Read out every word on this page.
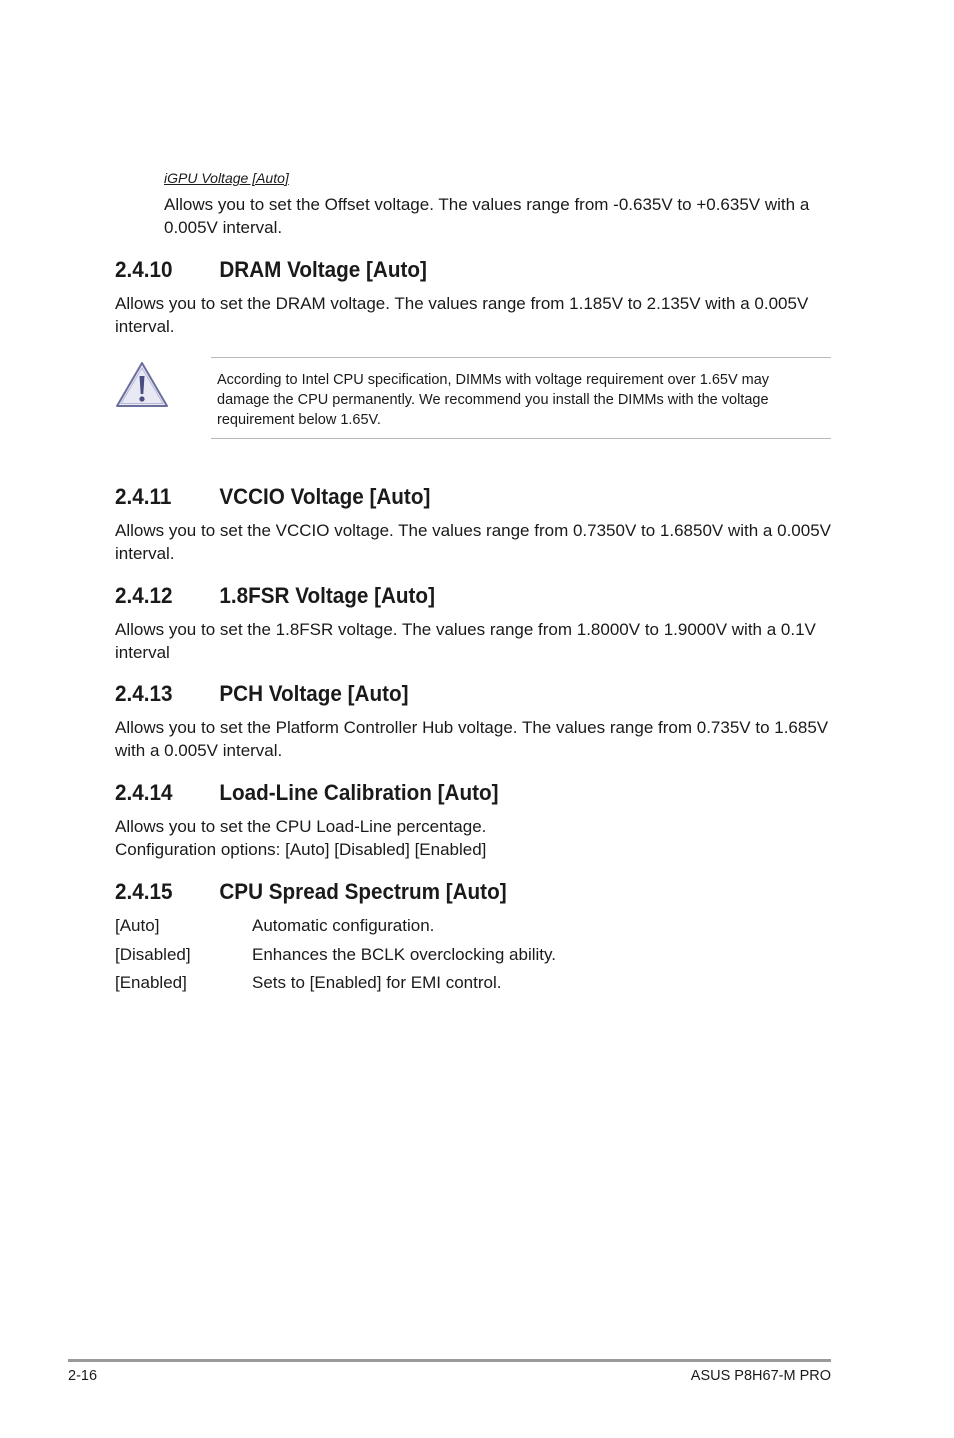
iGPU Voltage [Auto]
Allows you to set the Offset voltage. The values range from -0.635V to +0.635V with a 0.005V interval.
2.4.10 DRAM Voltage [Auto]
Allows you to set the DRAM voltage. The values range from 1.185V to 2.135V with a 0.005V interval.
According to Intel CPU specification, DIMMs with voltage requirement over 1.65V may damage the CPU permanently. We recommend you install the DIMMs with the voltage requirement below 1.65V.
2.4.11 VCCIO Voltage [Auto]
Allows you to set the VCCIO voltage. The values range from 0.7350V to 1.6850V with a 0.005V interval.
2.4.12 1.8FSR Voltage [Auto]
Allows you to set the 1.8FSR voltage. The values range from 1.8000V to 1.9000V with a 0.1V interval
2.4.13 PCH Voltage [Auto]
Allows you to set the Platform Controller Hub voltage. The values range from 0.735V to 1.685V with a 0.005V interval.
2.4.14 Load-Line Calibration [Auto]
Allows you to set the CPU Load-Line percentage.
Configuration options: [Auto] [Disabled] [Enabled]
2.4.15 CPU Spread Spectrum [Auto]
[Auto]	Automatic configuration.
[Disabled]	Enhances the BCLK overclocking ability.
[Enabled]	Sets to [Enabled] for EMI control.
2-16	ASUS P8H67-M PRO
